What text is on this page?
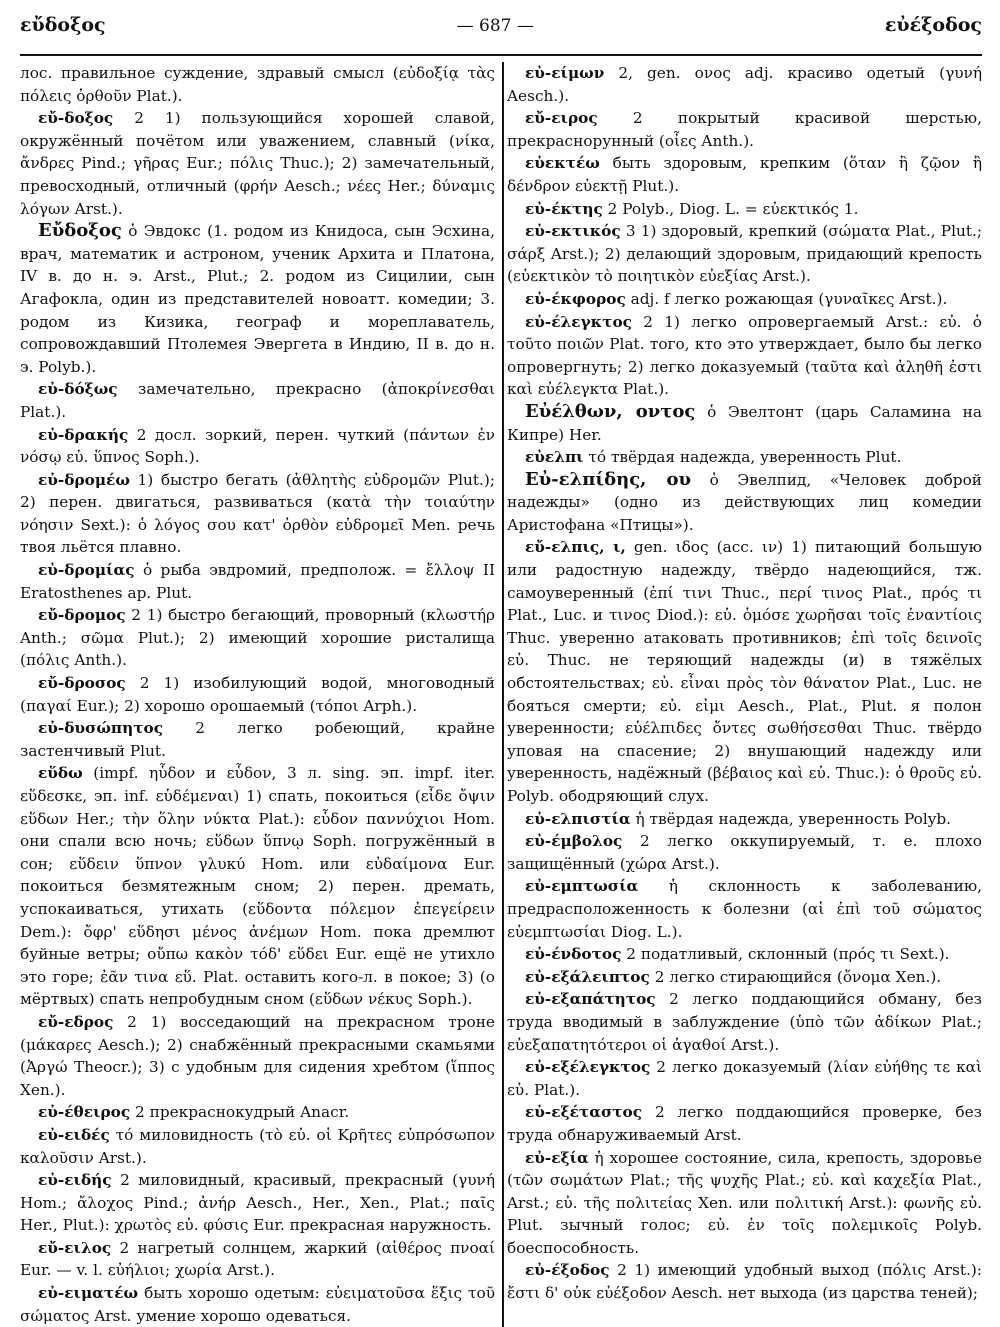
εὔδοξος	— 687 —	εὐέξοδος

лос. правильное суждение, здравый смысл (εὐδοξίᾳ τὰς πόλεις ὀρθοῦν Plat.).

εὔ-δοξος 2 1) пользующийся хорошей славой, окружённый почётом или уважением, славный (νίκα, ἄνδρες Pind.; γῆρας Eur.; πόλις Thuc.); 2) замечательный, превосходный, отличный (φρήν Aesch.; νέες Her.; δύναμις λόγων Arst.).

Εὔδοξος ὁ Эвдокс (1. родом из Книдоса, сын Эсхина, врач, математик и астроном, ученик Архита и Платона, IV в. до н. э. Arst., Plut.; 2. родом из Сицилии, сын Агафокла, один из представителей новоатт. комедии; 3. родом из Кизика, географ и мореплаватель, сопровождавший Птолемея Эвергета в Индию, II в. до н. э. Polyb.).

εὐ-δόξως замечательно, прекрасно (ἀποκρίνεσθαι Plat.).

εὐ-δρακής 2 досл. зоркий, перен. чуткий (πάντων ἐν νόσῳ εὐ. ὕπνος Soph.).

εὐ-δρομέω 1) быстро бегать (ἀθλητὴς εὐδρομῶν Plut.); 2) перен. двигаться, развиваться (κατὰ τὴν τοιαύτην νόησιν Sext.): ὁ λόγος σου κατ' ὀρθὸν εὐδρομεῖ Men. речь твоя льётся плавно.

εὐ-δρομίας ὁ рыба эвдромий, предполож. = ἔλλοψ II Eratosthenes ap. Plut.

εὔ-δρομος 2 1) быстро бегающий, проворный (κλωστήρ Anth.; σῶμα Plut.); 2) имеющий хорошие ристалища (πόλις Anth.).

εὔ-δροσος 2 1) изобилующий водой, многоводный (παγαί Eur.); 2) хорошо орошаемый (τόποι Arph.).

εὐ-δυσώπητος 2 легко робеющий, крайне застенчивый Plut.

εὕδω (impf. ηὗδον и εὗδον, 3 л. sing. эп. impf. iter. εὕδεσκε, эп. inf. εὑδέμεναι) 1) спать, покоиться (εἶδε ὄψιν εὕδων Her.; τὴν ὅλην νύκτα Plat.): εὗδον παννύχιοι Hom. они спали всю ночь; εὕδων ὕπνῳ Soph. погружённый в сон; εὕδειν ὕπνον γλυκύ Hom. или εὐδαίμονα Eur. покоиться безмятежным сном; 2) перен. дремать, успокаиваться, утихать (εὕδοντα πόλεμον ἐπεγείρειν Dem.): ὄφρ' εὕδησι μένος ἀνέμων Hom. пока дремлют буйные ветры; οὔπω κακὸν τόδ' εὕδει Eur. ещё не утихло это горе; ἐᾶν τινα εὕ. Plat. оставить кого-л. в покое; 3) (о мёртвых) спать непробудным сном (εὕδων νέκυς Soph.).

εὔ-εδρος 2 1) восседающий на прекрасном троне (μάκαρες Aesch.); 2) снабжённый прекрасными скамьями (Ἀργώ Theocr.); 3) с удобным для сидения хребтом (ἵππος Xen.).

εὐ-έθειρος 2 прекраснокудрый Anacr.

εὐ-ειδές τό миловидность (τὸ εὐ. οἱ Κρῆτες εὐπρόσωπον καλοῦσιν Arst.).

εὐ-ειδής 2 миловидный, красивый, прекрасный (γυνή Hom.; ἄλοχος Pind.; ἀνήρ Aesch., Her., Xen., Plat.; παῖς Her., Plut.): χρωτὸς εὐ. φύσις Eur. прекрасная наружность.

εὔ-ειλος 2 нагретый солнцем, жаркий (αἰθέρος πνοαί Eur. — v. l. εὐήλιοι; χωρία Arst.).

εὐ-ειματέω быть хорошо одетым: εὐειματοῦσα ἕξις τοῦ σώματος Arst. умение хорошо одеваться.

εὐ-είμων 2, gen. ονος adj. красиво одетый (γυνή Aesch.).

εὔ-ειρος 2 покрытый красивой шерстью, прекраснорунный (οἶες Anth.).

εὐεκτέω быть здоровым, крепким (ὅταν ἢ ζῷον ἢ δένδρον εὐεκτῇ Plut.).

εὐ-έκτης 2 Polyb., Diog. L. = εὐεκτικός 1.

εὐ-εκτικός 3 1) здоровый, крепкий (σώματα Plat., Plut.; σάρξ Arst.); 2) делающий здоровым, придающий крепость (εὐεκτικὸν τὸ ποιητικὸν εὐεξίας Arst.).

εὐ-έκφορος adj. f легко рожающая (γυναῖκες Arst.).

εὐ-έλεγκτος 2 1) легко опровергаемый Arst.: εὐ. ὁ τοῦτο ποιῶν Plat. того, кто это утверждает, было бы легко опровергнуть; 2) легко доказуемый (ταῦτα καὶ ἀληθῆ ἐστι καὶ εὐέλεγκτα Plat.).

Εὐέλθων, οντος ὁ Эвелтонт (царь Саламина на Кипре) Her.

εὐελπι τό твёрдая надежда, уверенность Plut.

Εὐ-ελπίδης, ου ὁ Эвелпид, «Человек доброй надежды» (одно из действующих лиц комедии Аристофана «Птицы»).

εὔ-ελπις, ι, gen. ιδος (acc. ιν) 1) питающий большую или радостную надежду, твёрдо надеющийся, тж. самоуверенный (ἐπί τινι Thuc., περί τινος Plat., πρός τι Plat., Luc. и τινος Diod.): εὐ. ὁμόσε χωρῆσαι τοῖς ἐναντίοις Thuc. уверенно атаковать противников; ἐπὶ τοῖς δεινοῖς εὐ. Thuc. не теряющий надежды (и) в тяжёлых обстоятельствах; εὐ. εἶναι πρὸς τὸν θάνατον Plat., Luc. не бояться смерти; εὐ. εἰμι Aesch., Plat., Plut. я полон уверенности; εὐέλπιδες ὄντες σωθήσεσθαι Thuc. твёрдо уповая на спасение; 2) внушающий надежду или уверенность, надёжный (βέβαιος καὶ εὐ. Thuc.): ὁ θροῦς εὐ. Polyb. ободряющий слух.

εὐ-ελπιστία ἡ твёрдая надежда, уверенность Polyb.

εὐ-έμβολος 2 легко оккупируемый, т. е. плохо защищённый (χώρα Arst.).

εὐ-εμπτωσία ἡ склонность к заболеванию, предрасположенность к болезни (αἱ ἐπὶ τοῦ σώματος εὐεμπτωσίαι Diog. L.).

εὐ-ένδοτος 2 податливый, склонный (πρός τι Sext.).

εὐ-εξάλειπτος 2 легко стирающийся (ὄνομα Xen.).

εὐ-εξαπάτητος 2 легко поддающийся обману, без труда вводимый в заблуждение (ὑπὸ τῶν ἀδίκων Plat.; εὐεξαπατητότεροι οἱ ἀγαθοί Arst.).

εὐ-εξέλεγκτος 2 легко доказуемый (λίαν εὐήθης τε καὶ εὐ. Plat.).

εὐ-εξέταστος 2 легко поддающийся проверке, без труда обнаруживаемый Arst.

εὐ-εξία ἡ хорошее состояние, сила, крепость, здоровье (τῶν σωμάτων Plat.; τῆς ψυχῆς Plat.; εὐ. καὶ καχεξία Plat., Arst.; εὐ. τῆς πολιτείας Xen. или πολιτική Arst.): φωνῆς εὐ. Plut. зычный голос; εὐ. ἐν τοῖς πολεμικοῖς Polyb. боеспособность.

εὐ-έξοδος 2 1) имеющий удобный выход (πόλις Arst.): ἔστι δ' οὐκ εὐέξοδον Aesch. нет выхода (из царства теней);
